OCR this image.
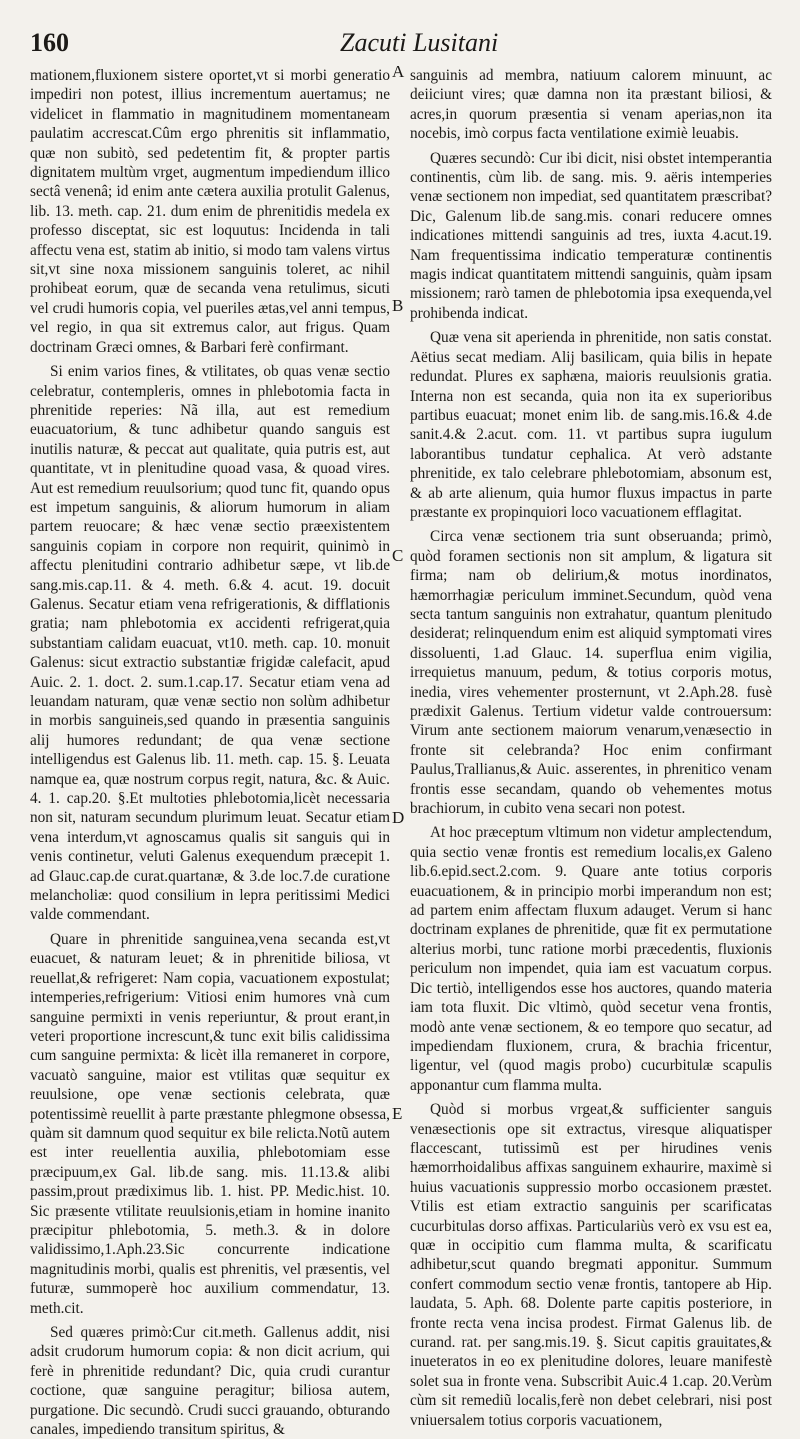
160	Zacuti Lusitani

mationem,fluxionem sistere oportet,vt si morbi generatio impediri non potest, illius incrementum auertamus; ne videlicet in flammatio in magnitudinem momentaneam paulatim accrescat.Cûm ergo phrenitis sit inflammatio, quæ non subitò, sed pedetentim fit, & propter partis dignitatem multùm vrget, augmentum impediendum illico sectâ venenâ; id enim ante cætera auxilia protulit Galenus, lib. 13. meth. cap. 21. dum enim de phrenitidis medela ex professo disceptat, sic est loquutus: Incidenda in tali affectu vena est, statim ab initio, si modo tam valens virtus sit,vt sine noxa missionem sanguinis toleret, ac nihil prohibeat eorum, quæ de secanda vena retulimus, sicuti vel crudi humoris copia, vel pueriles ætas,vel anni tempus, vel regio, in qua sit extremus calor, aut frigus. Quam doctrinam Græci omnes, & Barbari ferè confirmant.

Si enim varios fines, & vtilitates, ob quas venæ sectio celebratur, contempleris, omnes in phlebotomia facta in phrenitide reperies: Nã illa, aut est remedium euacuatorium, & tunc adhibetur quando sanguis est inutilis naturæ, & peccat aut qualitate, quia putris est, aut quantitate, vt in plenitudine quoad vasa, & quoad vires. Aut est remedium reuulsorium; quod tunc fit, quando opus est impetum sanguinis, & aliorum humorum in aliam partem reuocare; & hæc venæ sectio præexistentem sanguinis copiam in corpore non requirit, quinimò in affectu plenitudini contrario adhibetur sæpe, vt lib.de sang.mis.cap.11. & 4. meth. 6.& 4. acut. 19. docuit Galenus. Secatur etiam vena refrigerationis, & difflationis gratia; nam phlebotomia ex accidenti refrigerat,quia substantiam calidam euacuat, vt10. meth. cap. 10. monuit Galenus: sicut extractio substantiæ frigidæ calefacit, apud Auic. 2. 1. doct. 2. sum.1.cap.17. Secatur etiam vena ad leuandam naturam, quæ venæ sectio non solùm adhibetur in morbis sanguineis,sed quando in præsentia sanguinis alij humores redundant; de qua venæ sectione intelligendus est Galenus lib. 11. meth. cap. 15. §. Leuata namque ea, quæ nostrum corpus regit, natura, &c. & Auic. 4. 1. cap.20. §.Et multoties phlebotomia,licèt necessaria non sit, naturam secundum plurimum leuat. Secatur etiam vena interdum,vt agnoscamus qualis sit sanguis qui in venis continetur, veluti Galenus exequendum præcepit 1. ad Glauc.cap.de curat.quartanæ, & 3.de loc.7.de curatione melancholiæ: quod consilium in lepra peritissimi Medici valde commendant.

Quare in phrenitide sanguinea,vena secanda est,vt euacuet, & naturam leuet; & in phrenitide biliosa, vt reuellat,& refrigeret: Nam copia, vacuationem expostulat; intemperies,refrigerium: Vitiosi enim humores vnà cum sanguine permixti in venis reperiuntur, & prout erant,in veteri proportione increscunt,& tunc exit bilis calidissima cum sanguine permixta: & licèt illa remaneret in corpore, vacuatò sanguine, maior est vtilitas quæ sequitur ex reuulsione, ope venæ sectionis celebrata, quæ potentissimè reuellit à parte præstante phlegmone obsessa, quàm sit damnum quod sequitur ex bile relicta.Notũ autem est inter reuellentia auxilia, phlebotomiam esse præcipuum,ex Gal. lib.de sang. mis. 11.13.& alibi passim,prout prædiximus lib. 1. hist. PP. Medic.hist. 10. Sic præsente vtilitate reuulsionis,etiam in homine inanito præcipitur phlebotomia, 5. meth.3. & in dolore validissimo,1.Aph.23.Sic concurrente indicatione magnitudinis morbi, qualis est phrenitis, vel præsentis, vel futuræ, summoperè hoc auxilium commendatur, 13. meth.cit.

Sed quæres primò:Cur cit.meth. Gallenus addit, nisi adsit crudorum humorum copia: & non dicit acrium, qui ferè in phrenitide redundant? Dic, quia crudi curantur coctione, quæ sanguine peragitur; biliosa autem, purgatione. Dic secundò. Crudi succi grauando, obturando canales, impediendo transitum spiritus, &

sanguinis ad membra, natiuum calorem minuunt, ac deiiciunt vires; quæ damna non ita præstant biliosi, & acres,in quorum præsentia si venam aperias,non ita nocebis, imò corpus facta ventilatione eximiè leuabis.

Quæres secundò: Cur ibi dicit, nisi obstet intemperantia continentis, cùm lib. de sang. mis. 9. aëris intemperies venæ sectionem non impediat, sed quantitatem præscribat? Dic, Galenum lib.de sang.mis. conari reducere omnes indicationes mittendi sanguinis ad tres, iuxta 4.acut.19. Nam frequentissima indicatio temperaturæ continentis magis indicat quantitatem mittendi sanguinis, quàm ipsam missionem; rarò tamen de phlebotomia ipsa exequenda,vel prohibenda indicat.

Quæ vena sit aperienda in phrenitide, non satis constat. Aëtius secat mediam. Alij basilicam, quia bilis in hepate redundat. Plures ex saphæna, maioris reuulsionis gratia. Interna non est secanda, quia non ita ex superioribus partibus euacuat; monet enim lib. de sang.mis.16.& 4.de sanit.4.& 2.acut. com. 11. vt partibus supra iugulum laborantibus tundatur cephalica. At verò adstante phrenitide, ex talo celebrare phlebotomiam, absonum est, & ab arte alienum, quia humor fluxus impactus in parte præstante ex propinquiori loco vacuationem efflagitat.

Circa venæ sectionem tria sunt obseruanda; primò, quòd foramen sectionis non sit amplum, & ligatura sit firma; nam ob delirium,& motus inordinatos, hæmorrhagiæ periculum imminet.Secundum, quòd vena secta tantum sanguinis non extrahatur, quantum plenitudo desiderat; relinquendum enim est aliquid symptomati vires dissoluenti, 1.ad Glauc. 14. superflua enim vigilia, irrequietus manuum, pedum, & totius corporis motus, inedia, vires vehementer prosternunt, vt 2.Aph.28. fusè prædixit Galenus. Tertium videtur valde controuersum: Virum ante sectionem maiorum venarum,venæsectio in fronte sit celebranda? Hoc enim confirmant Paulus,Trallianus,& Auic. asserentes, in phrenitico venam frontis esse secandam, quando ob vehementes motus brachiorum, in cubito vena secari non potest.

At hoc præceptum vltimum non videtur amplectendum, quia sectio venæ frontis est remedium localis,ex Galeno lib.6.epid.sect.2.com. 9. Quare ante totius corporis euacuationem, & in principio morbi imperandum non est; ad partem enim affectam fluxum adauget. Verum si hanc doctrinam explanes de phrenitide, quæ fit ex permutatione alterius morbi, tunc ratione morbi præcedentis, fluxionis periculum non impendet, quia iam est vacuatum corpus. Dic tertiò, intelligendos esse hos auctores, quando materia iam tota fluxit. Dic vltimò, quòd secetur vena frontis, modò ante venæ sectionem, & eo tempore quo secatur, ad impediendam fluxionem, crura, & brachia fricentur, ligentur, vel (quod magis probo) cucurbitulæ scapulis apponantur cum flamma multa.

Quòd si morbus vrgeat,& sufficienter sanguis venæsectionis ope sit extractus, viresque aliquatisper flaccescant, tutissimũ est per hirudines venis hæmorrhoidalibus affixas sanguinem exhaurire, maximè si huius vacuationis suppressio morbo occasionem præstet. Vtilis est etiam extractio sanguinis per scarificatas cucurbitulas dorso affixas. Particulariùs verò ex vsu est ea, quæ in occipitio cum flamma multa, & scarificatu adhibetur,scut quando bregmati apponitur. Summum confert commodum sectio venæ frontis, tantopere ab Hip. laudata, 5. Aph. 68. Dolente parte capitis posteriore, in fronte recta vena incisa prodest. Firmat Galenus lib. de curand. rat. per sang.mis.19. §. Sicut capitis grauitates,& inueteratos in eo ex plenitudine dolores, leuare manifestè solet sua in fronte vena. Subscribit Auic.4 1.cap. 20.Verùm cùm sit remediũ localis,ferè non debet celebrari, nisi post vniuersalem totius corporis vacuationem,

A
B
C
D
E
